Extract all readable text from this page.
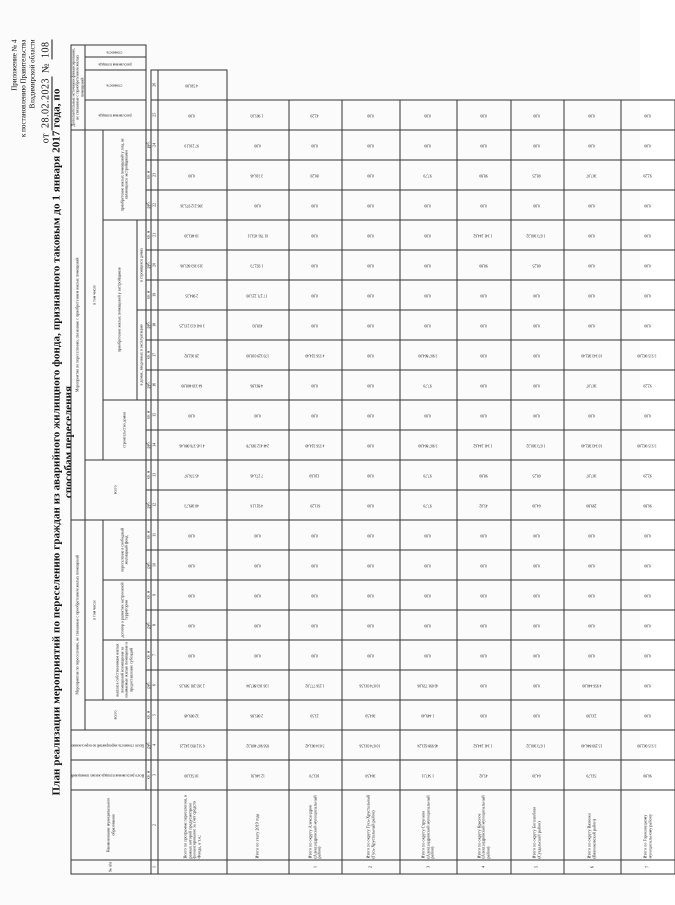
Приложение № 4 к постановлению Правительства Владимирской области
от 28.02.2023 № 108
План реализации мероприятий по переселению граждан из аварийного жилищного фонда, признанного таковым до 1 января 2017 года, по способам переселения
№ п/п	Наименование муниципального образования	Всего расселяемая площадь жилых помещений	Всего стоимость мероприятий по переселению	Мероприятия по переселению, не связанные с приобретением жилых помещений							Мероприятия по переселению, связанные с приобретением жилых помещений													Дополнительные источники финансирования, не связанные с приобретением жилых помещений			
				всего	в том числе						всего		в том числе											расселяемая площадь	стоимость	расселяемая площадь	стоимость
					выплата собственникам жилых помещений возмещения за изымаемые жилые помещения и предоставление субсидий		договор о развитии застроенной территории		переселение в свободный жилищный фонд				строительство домов		приобретение жилых помещений у застройщиков						приобретение жилых помещений у лиц, не являющихся застройщиками						
															в домах, введенных в эксплуатацию			в строящихся домах									
		кв. м	руб.	кв. м	руб.	кв. м	руб.	кв. м	руб.	кв. м	руб.	кв. м	руб.	кв. м	руб.	кв. м	руб.	кв. м	руб.	кв. м	руб.	кв. м	руб.				
1	2	3	4	5	6	7	8	9	10	11	12	13	14	15	16	17	18	19	20	21	22	23	24	25	26		
	Всего по программе переселения, в рамках которой предусмотрено финансирование за счет средств Фонда, в т.ч.:	10 533,00	6 512 893 242,21	32 009,48	2 365 281 589,35	0,00	0,00	0,00	0,00	0,00	40 389,73	45 576,97	4 145 376 080,46	0,00	64 339 408,09	28 362,82	3 041 613 215,25	2 984,35	319 363 665,06	10 483,30	396 212 975,36	0,00	97 216,19	0,00	4 536,00		
	Итого по этапу 2019 года	12 346,91	856 907 408,32	2 085,86	136 163 887,94	0,00	0,00	0,00	0,00	0,00	4 921,16	7 273,46	244 412 399,78	0,00	4 893,86	170 329 018,00	458,93	17 271 225,09	1 952,73	61 791 453,11	0,00	3 316,46	0,00	1 905,03			
1	Итого по округу Александров (Александровский муниципальный район)	103,70	5 014 003,42	23,50	1 256 777,02	0,00	0,00	0,00	0,00	0,00	611,20	120,60	4 556 324,40	0,00	0,00	4 556 324,40	0,00	0,00	0,00	0,00	0,00	80,20	0,00	42,20			
2	Итого по округу Гусь-Хрустальный (Гусь-Хрустальный район)	304,50	10 074 033,56	304,50	10 074 033,56	0,00	0,00	0,00	0,00	0,00	0,00	0,00	0,00	0,00	0,00	0,00	0,00	0,00	0,00	0,00	0,00	0,00	0,00	0,00			
3	Итого по округу Струнино (Александровский муниципальный район)	1 547,11	46 998 623,24	1 449,40	43 091 759,06	0,00	0,00	0,00	0,00	0,00	97,70	97,70	3 907 864,00	0,00	97,70	3 907 864,00	0,00	0,00	0,00	0,00	0,00	97,70	0,00	0,00			
4	Итого по округу Красное (Александровский муниципальный район)	45,02	1 341 244,62	0,00	0,00	0,00	0,00	0,00	0,00	0,00	45,02	98,80	1 341 244,62	0,00	0,00	0,00	0,00	0,00	98,80	1 341 244,62	0,00	98,80	0,00	0,00			
5	Итого по округу Боголюбово (Суздальский район)	64,30	1 673 300,32	0,00	0,00	0,00	0,00	0,00	0,00	0,00	64,30	68,25	1 673 300,32	0,00	0,00	0,00	0,00	0,00	68,25	1 673 300,32	0,00	68,25	0,00	0,00			
6	Итого по округу Вязники (Вязниковский район)	533,70	15 299 846,40	233,90	4 956 440,00	0,00	0,00	0,00	0,00	0,00	299,80	307,07	10 343 382,40	0,00	307,07	10 343 382,40	0,00	0,00	0,00	0,00	0,00	307,07	0,00	0,00			
7	Итого по Гороховецкому муниципальному району	96,80	3 515 002,00	0,00	0,00	0,00	0,00	0,00	0,00	0,00	96,80	92,20	3 515 002,00	0,00	92,20	3 515 002,00	0,00	0,00	0,00	0,00	0,00	92,20	0,00	0,00			
